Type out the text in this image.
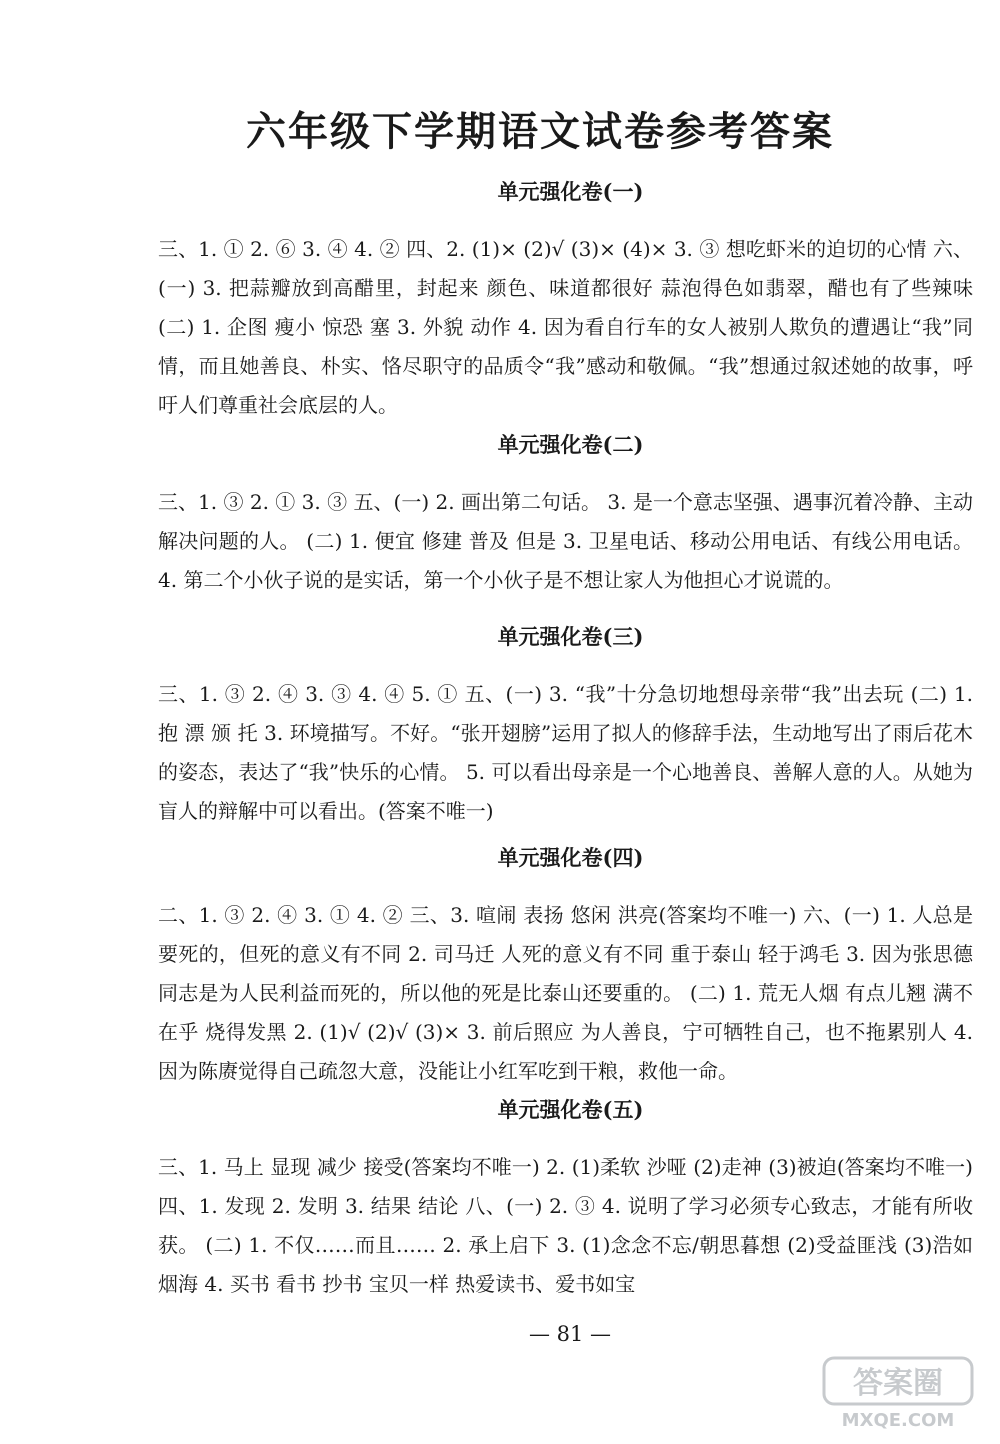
六年级下学期语文试卷参考答案
单元强化卷(一)

三、1. ① 2. ⑥ 3. ④ 4. ② 四、2. (1)× (2)√ (3)× (4)× 3. ③ 想吃虾米的迫切的心情 六、(一) 3. 把蒜瓣放到高醋里，封起来 颜色、味道都很好 蒜泡得色如翡翠，醋也有了些辣味 (二) 1. 企图 瘦小 惊恐 塞 3. 外貌 动作 4. 因为看自行车的女人被别人欺负的遭遇让“我”同情，而且她善良、朴实、恪尽职守的品质令“我”感动和敬佩。“我”想通过叙述她的故事，呼吁人们尊重社会底层的人。

单元强化卷(二)

三、1. ③ 2. ① 3. ③ 五、(一) 2. 画出第二句话。 3. 是一个意志坚强、遇事沉着冷静、主动解决问题的人。 (二) 1. 便宜 修建 普及 但是 3. 卫星电话、移动公用电话、有线公用电话。 4. 第二个小伙子说的是实话，第一个小伙子是不想让家人为他担心才说谎的。

单元强化卷(三)

三、1. ③ 2. ④ 3. ③ 4. ④ 5. ① 五、(一) 3. “我”十分急切地想母亲带“我”出去玩 (二) 1. 抱 漂 颁 托 3. 环境描写。不好。“张开翅膀”运用了拟人的修辞手法，生动地写出了雨后花木的姿态，表达了“我”快乐的心情。 5. 可以看出母亲是一个心地善良、善解人意的人。从她为盲人的辩解中可以看出。(答案不唯一)

单元强化卷(四)

二、1. ③ 2. ④ 3. ① 4. ② 三、3. 喧闹 表扬 悠闲 洪亮(答案均不唯一) 六、(一) 1. 人总是要死的，但死的意义有不同 2. 司马迁 人死的意义有不同 重于泰山 轻于鸿毛 3. 因为张思德同志是为人民利益而死的，所以他的死是比泰山还要重的。 (二) 1. 荒无人烟 有点儿翘 满不在乎 烧得发黑 2. (1)√ (2)√ (3)× 3. 前后照应 为人善良，宁可牺牲自己，也不拖累别人 4. 因为陈赓觉得自己疏忽大意，没能让小红军吃到干粮，救他一命。

单元强化卷(五)

三、1. 马上 显现 减少 接受(答案均不唯一) 2. (1)柔软 沙哑 (2)走神 (3)被迫(答案均不唯一) 四、1. 发现 2. 发明 3. 结果 结论 八、(一) 2. ③ 4. 说明了学习必须专心致志，才能有所收获。 (二) 1. 不仅……而且…… 2. 承上启下 3. (1)念念不忘/朝思暮想 (2)受益匪浅 (3)浩如烟海 4. 买书 看书 抄书 宝贝一样 热爱读书、爱书如宝

— 81 —
答案圈
MXQE.COM
